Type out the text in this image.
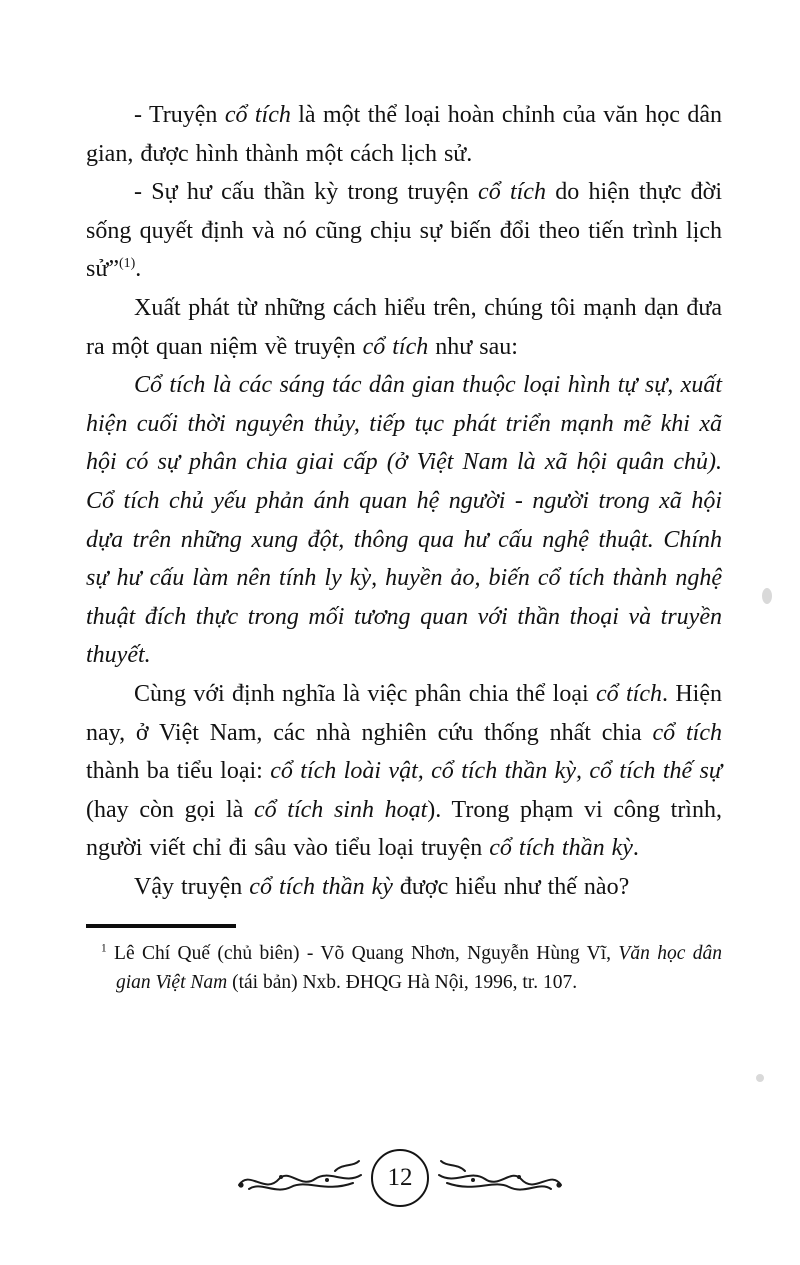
- Truyện cổ tích là một thể loại hoàn chỉnh của văn học dân gian, được hình thành một cách lịch sử.

- Sự hư cấu thần kỳ trong truyện cổ tích do hiện thực đời sống quyết định và nó cũng chịu sự biến đổi theo tiến trình lịch sử”$^{(1)}$.

Xuất phát từ những cách hiểu trên, chúng tôi mạnh dạn đưa ra một quan niệm về truyện cổ tích như sau:

Cổ tích là các sáng tác dân gian thuộc loại hình tự sự, xuất hiện cuối thời nguyên thủy, tiếp tục phát triển mạnh mẽ khi xã hội có sự phân chia giai cấp (ở Việt Nam là xã hội quân chủ). Cổ tích chủ yếu phản ánh quan hệ người - người trong xã hội dựa trên những xung đột, thông qua hư cấu nghệ thuật. Chính sự hư cấu làm nên tính ly kỳ, huyền ảo, biến cổ tích thành nghệ thuật đích thực trong mối tương quan với thần thoại và truyền thuyết.

Cùng với định nghĩa là việc phân chia thể loại cổ tích. Hiện nay, ở Việt Nam, các nhà nghiên cứu thống nhất chia cổ tích thành ba tiểu loại: cổ tích loài vật, cổ tích thần kỳ, cổ tích thế sự (hay còn gọi là cổ tích sinh hoạt). Trong phạm vi công trình, người viết chỉ đi sâu vào tiểu loại truyện cổ tích thần kỳ.

Vậy truyện cổ tích thần kỳ được hiểu như thế nào?

$^1$ Lê Chí Quế (chủ biên) - Võ Quang Nhơn, Nguyễn Hùng Vĩ, Văn học dân gian Việt Nam (tái bản) Nxb. ĐHQG Hà Nội, 1996, tr. 107.

12
